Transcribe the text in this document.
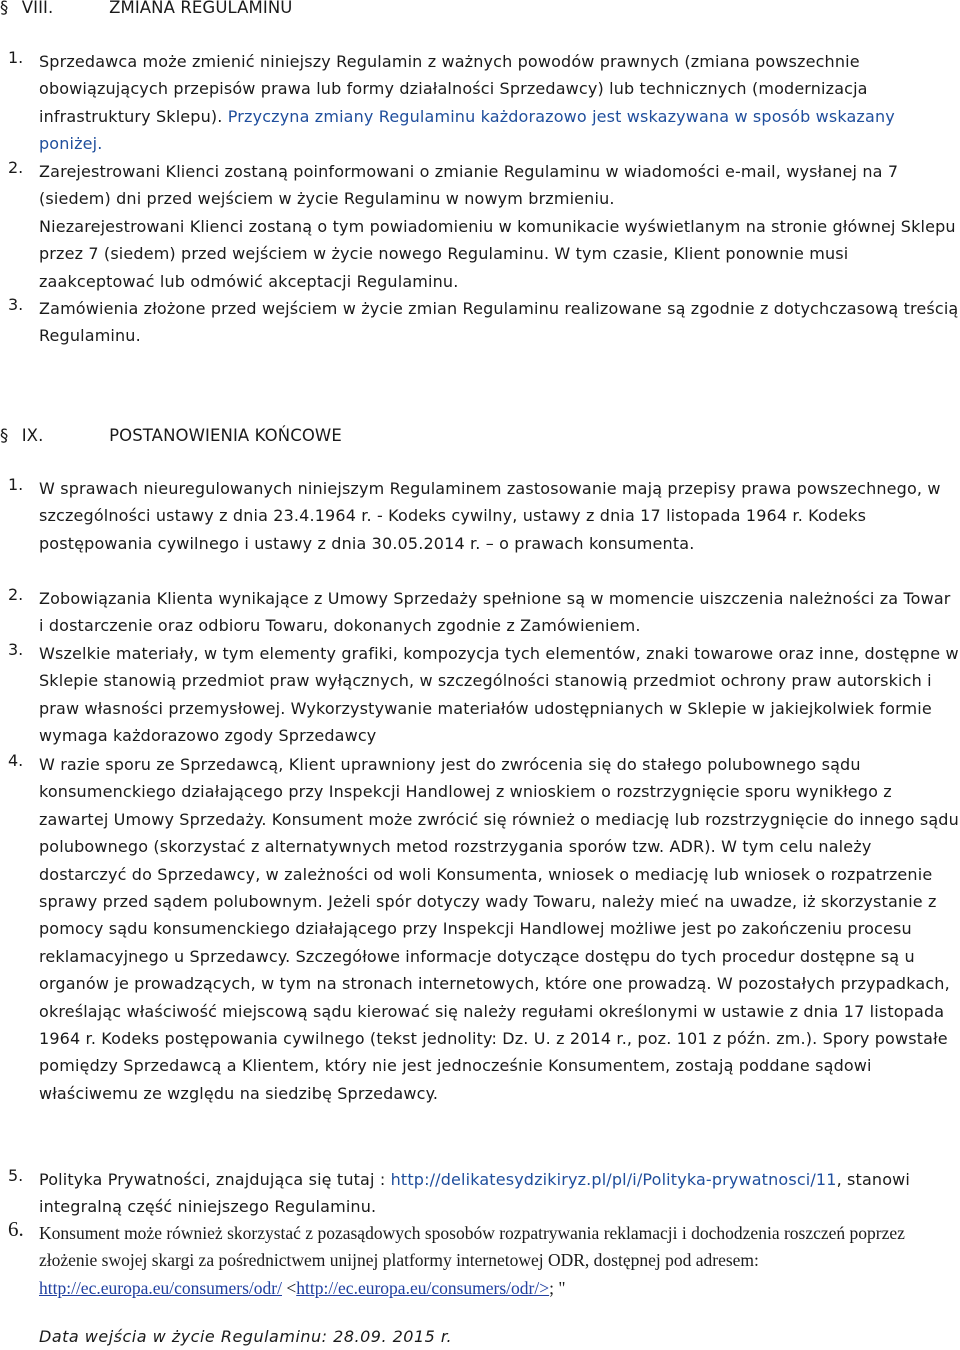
§ VIII.	ZMIANA REGULAMINU
1. Sprzedawca może zmienić niniejszy Regulamin z ważnych powodów prawnych (zmiana powszechnie obowiązujących przepisów prawa lub formy działalności Sprzedawcy) lub technicznych (modernizacja infrastruktury Sklepu). Przyczyna zmiany Regulaminu każdorazowo jest wskazywana w sposób wskazany poniżej.
2. Zarejestrowani Klienci zostaną poinformowani o zmianie Regulaminu w wiadomości e-mail, wysłanej na 7 (siedem) dni przed wejściem w życie Regulaminu w nowym brzmieniu.
Niezarejestrowani Klienci zostaną o tym powiadomieniu w komunikacie wyświetlanym na stronie głównej Sklepu przez 7 (siedem) przed wejściem w życie nowego Regulaminu. W tym czasie, Klient ponownie musi zaakceptować lub odmówić akceptacji Regulaminu.
3. Zamówienia złożone przed wejściem w życie zmian Regulaminu realizowane są zgodnie z dotychczasową treścią Regulaminu.
§ IX.	POSTANOWIENIA KOŃCOWE
1. W sprawach nieuregulowanych niniejszym Regulaminem zastosowanie mają przepisy prawa powszechnego, w szczególności ustawy z dnia 23.4.1964 r. - Kodeks cywilny, ustawy z dnia 17 listopada 1964 r. Kodeks postępowania cywilnego i ustawy z dnia 30.05.2014 r. – o prawach konsumenta.
2. Zobowiązania Klienta wynikające z Umowy Sprzedaży spełnione są w momencie uiszczenia należności za Towar i dostarczenie oraz odbioru Towaru, dokonanych zgodnie z Zamówieniem.
3. Wszelkie materiały, w tym elementy grafiki, kompozycja tych elementów, znaki towarowe oraz inne, dostępne w Sklepie stanowią przedmiot praw wyłącznych, w szczególności stanowią przedmiot ochrony praw autorskich i praw własności przemysłowej. Wykorzystywanie materiałów udostępnianych w Sklepie w jakiejkolwiek formie wymaga każdorazowo zgody Sprzedawcy
4. W razie sporu ze Sprzedawcą, Klient uprawniony jest do zwrócenia się do stałego polubownego sądu konsumenckiego działającego przy Inspekcji Handlowej z wnioskiem o rozstrzygnięcie sporu wynikłego z zawartej Umowy Sprzedaży. Konsument może zwrócić się również o mediację lub rozstrzygnięcie do innego sądu polubownego (skorzystać z alternatywnych metod rozstrzygania sporów tzw. ADR). W tym celu należy dostarczyć do Sprzedawcy, w zależności od woli Konsumenta, wniosek o mediację lub wniosek o rozpatrzenie sprawy przed sądem polubownym. Jeżeli spór dotyczy wady Towaru, należy mieć na uwadze, iż skorzystanie z pomocy sądu konsumenckiego działającego przy Inspekcji Handlowej możliwe jest po zakończeniu procesu reklamacyjnego u Sprzedawcy. Szczegółowe informacje dotyczące dostępu do tych procedur dostępne są u organów je prowadzących, w tym na stronach internetowych, które one prowadzą. W pozostałych przypadkach, określając właściwość miejscową sądu kierować się należy regułami określonymi w ustawie z dnia 17 listopada 1964 r. Kodeks postępowania cywilnego (tekst jednolity: Dz. U. z 2014 r., poz. 101 z późn. zm.). Spory powstałe pomiędzy Sprzedawcą a Klientem, który nie jest jednocześnie Konsumentem, zostają poddane sądowi właściwemu ze względu na siedzibę Sprzedawcy.
5. Polityka Prywatności, znajdująca się tutaj : http://delikatesydzikiryz.pl/pl/i/Polityka-prywatnosci/11, stanowi integralną część niniejszego Regulaminu.
6. Konsument może również skorzystać z pozasądowych sposobów rozpatrywania reklamacji i dochodzenia roszczeń poprzez złożenie swojej skargi za pośrednictwem unijnej platformy internetowej ODR, dostępnej pod adresem: http://ec.europa.eu/consumers/odr/ <http://ec.europa.eu/consumers/odr/>; "
Data wejścia w życie Regulaminu: 28.09. 2015 r.
